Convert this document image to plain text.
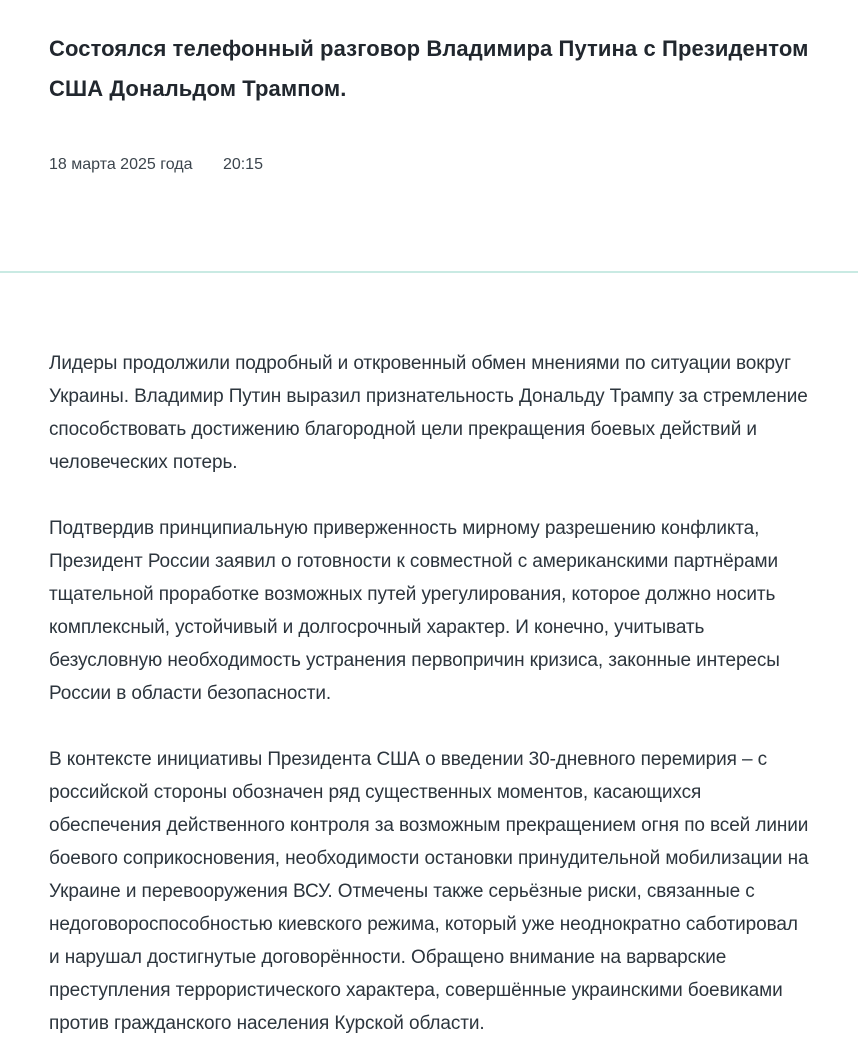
Состоялся телефонный разговор Владимира Путина с Президентом США Дональдом Трампом.
18 марта 2025 года 20:15

Лидеры продолжили подробный и откровенный обмен мнениями по ситуации вокруг Украины. Владимир Путин выразил признательность Дональду Трампу за стремление способствовать достижению благородной цели прекращения боевых действий и человеческих потерь.

Подтвердив принципиальную приверженность мирному разрешению конфликта, Президент России заявил о готовности к совместной с американскими партнёрами тщательной проработке возможных путей урегулирования, которое должно носить комплексный, устойчивый и долгосрочный характер. И конечно, учитывать безусловную необходимость устранения первопричин кризиса, законные интересы России в области безопасности.

В контексте инициативы Президента США о введении 30-дневного перемирия – с российской стороны обозначен ряд существенных моментов, касающихся обеспечения действенного контроля за возможным прекращением огня по всей линии боевого соприкосновения, необходимости остановки принудительной мобилизации на Украине и перевооружения ВСУ. Отмечены также серьёзные риски, связанные с недоговороспособностью киевского режима, который уже неоднократно саботировал и нарушал достигнутые договорённости. Обращено внимание на варварские преступления террористического характера, совершённые украинскими боевиками против гражданского населения Курской области.
